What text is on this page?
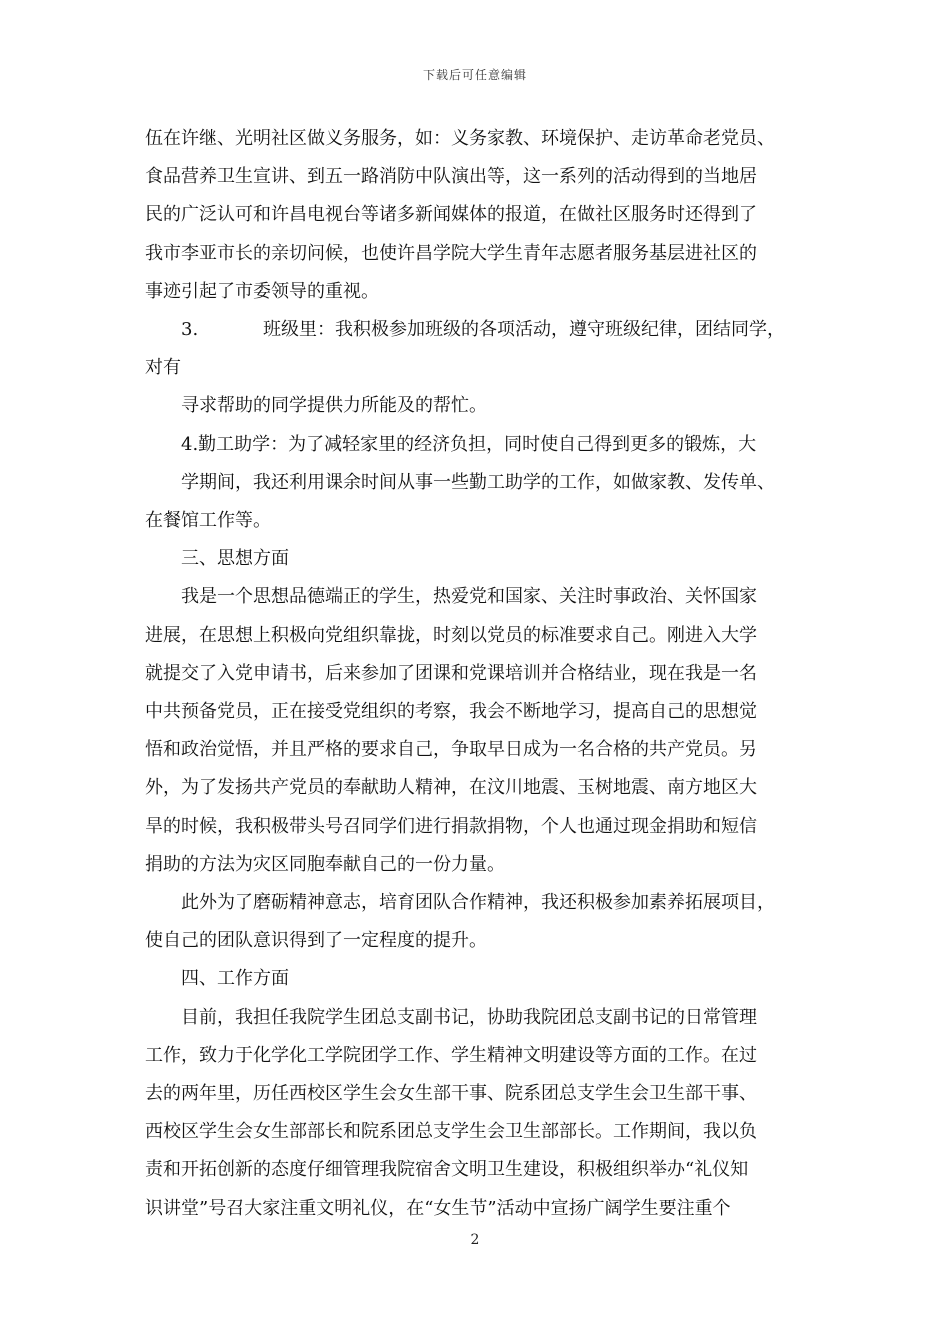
下载后可任意编辑

伍在许继、光明社区做义务服务，如：义务家教、环境保护、走访革命老党员、

食品营养卫生宣讲、到五一路消防中队演出等，这一系列的活动得到的当地居

民的广泛认可和许昌电视台等诸多新闻媒体的报道，在做社区服务时还得到了

我市李亚市长的亲切问候，也使许昌学院大学生青年志愿者服务基层进社区的

事迹引起了市委领导的重视。

3.	班级里：我积极参加班级的各项活动，遵守班级纪律，团结同学，

对有

寻求帮助的同学提供力所能及的帮忙。

4.勤工助学：为了减轻家里的经济负担，同时使自己得到更多的锻炼，大

学期间，我还利用课余时间从事一些勤工助学的工作，如做家教、发传单、

在餐馆工作等。

三、思想方面

我是一个思想品德端正的学生，热爱党和国家、关注时事政治、关怀国家

进展，在思想上积极向党组织靠拢，时刻以党员的标准要求自己。刚进入大学

就提交了入党申请书，后来参加了团课和党课培训并合格结业，现在我是一名

中共预备党员，正在接受党组织的考察，我会不断地学习，提高自己的思想觉

悟和政治觉悟，并且严格的要求自己，争取早日成为一名合格的共产党员。另

外，为了发扬共产党员的奉献助人精神，在汶川地震、玉树地震、南方地区大

旱的时候，我积极带头号召同学们进行捐款捐物，个人也通过现金捐助和短信

捐助的方法为灾区同胞奉献自己的一份力量。

此外为了磨砺精神意志，培育团队合作精神，我还积极参加素养拓展项目，

使自己的团队意识得到了一定程度的提升。

四、工作方面

目前，我担任我院学生团总支副书记，协助我院团总支副书记的日常管理

工作，致力于化学化工学院团学工作、学生精神文明建设等方面的工作。在过

去的两年里，历任西校区学生会女生部干事、院系团总支学生会卫生部干事、

西校区学生会女生部部长和院系团总支学生会卫生部部长。工作期间，我以负

责和开拓创新的态度仔细管理我院宿舍文明卫生建设，积极组织举办“礼仪知

识讲堂”号召大家注重文明礼仪，在“女生节”活动中宣扬广阔学生要注重个

2
